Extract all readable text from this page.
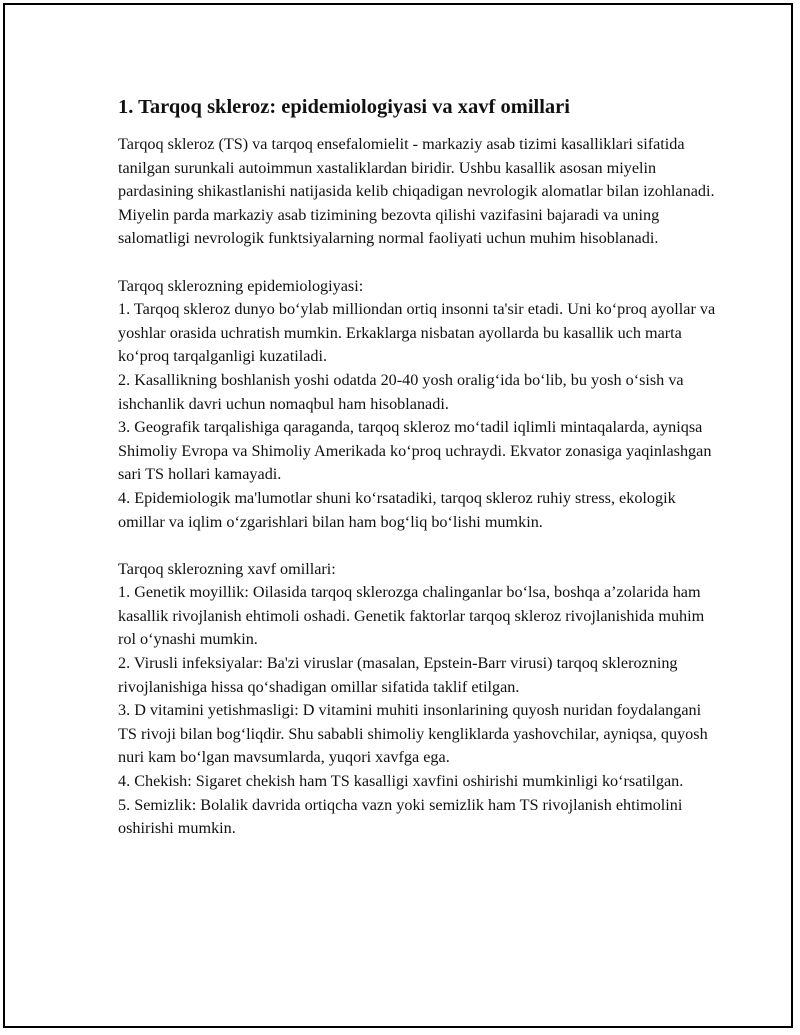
1. Tarqoq skleroz: epidemiologiyasi va xavf omillari

Tarqoq skleroz (TS) va tarqoq ensefalomielit - markaziy asab tizimi kasalliklari sifatida tanilgan surunkali autoimmun xastaliklardan biridir. Ushbu kasallik asosan miyelin pardasining shikastlanishi natijasida kelib chiqadigan nevrologik alomatlar bilan izohlanadi. Miyelin parda markaziy asab tizimining bezovta qilishi vazifasini bajaradi va uning salomatligi nevrologik funktsiyalarning normal faoliyati uchun muhim hisoblanadi.

Tarqoq sklerozning epidemiologiyasi:

1. Tarqoq skleroz dunyo bo‘ylab milliondan ortiq insonni ta'sir etadi. Uni ko‘proq ayollar va yoshlar orasida uchratish mumkin. Erkaklarga nisbatan ayollarda bu kasallik uch marta ko‘proq tarqalganligi kuzatiladi.

2. Kasallikning boshlanish yoshi odatda 20-40 yosh oralig‘ida bo‘lib, bu yosh o‘sish va ishchanlik davri uchun nomaqbul ham hisoblanadi.

3. Geografik tarqalishiga qaraganda, tarqoq skleroz mo‘tadil iqlimli mintaqalarda, ayniqsa Shimoliy Evropa va Shimoliy Amerikada ko‘proq uchraydi. Ekvator zonasiga yaqinlashgan sari TS hollari kamayadi.

4. Epidemiologik ma'lumotlar shuni ko‘rsatadiki, tarqoq skleroz ruhiy stress, ekologik omillar va iqlim o‘zgarishlari bilan ham bog‘liq bo‘lishi mumkin.

Tarqoq sklerozning xavf omillari:

1. Genetik moyillik: Oilasida tarqoq sklerozga chalinganlar bo‘lsa, boshqa a’zolarida ham kasallik rivojlanish ehtimoli oshadi. Genetik faktorlar tarqoq skleroz rivojlanishida muhim rol o‘ynashi mumkin.

2. Virusli infeksiyalar: Ba'zi viruslar (masalan, Epstein-Barr virusi) tarqoq sklerozning rivojlanishiga hissa qo‘shadigan omillar sifatida taklif etilgan.

3. D vitamini yetishmasligi: D vitamini muhiti insonlarining quyosh nuridan foydalangani TS rivoji bilan bog‘liqdir. Shu sababli shimoliy kengliklarda yashovchilar, ayniqsa, quyosh nuri kam bo‘lgan mavsumlarda, yuqori xavfga ega.

4. Chekish: Sigaret chekish ham TS kasalligi xavfini oshirishi mumkinligi ko‘rsatilgan.

5. Semizlik: Bolalik davrida ortiqcha vazn yoki semizlik ham TS rivojlanish ehtimolini oshirishi mumkin.
